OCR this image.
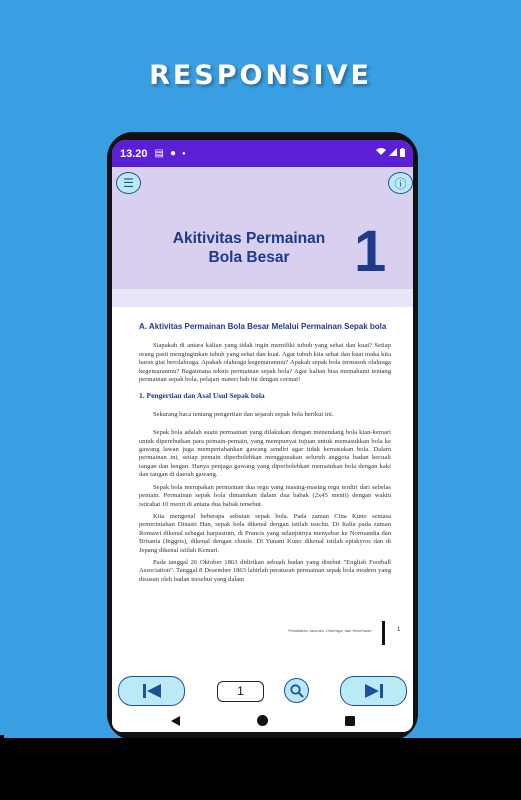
RESPONSIVE
13.20 ▤ ● ●
Akitivitas Permainan
Bola Besar	1
☰	ⓘ
A. Aktivitas Permainan Bola Besar Melalui Permainan Sepak bola

Siapakah di antara kalian yang tidak ingin memiliki tubuh yang sehat dan kuat? Setiap orang pasti menginginkan tubuh yang sehat dan kuat. Agar tubuh kita sehat dan kuat maka kita harus giat berolahraga. Apakah olahraga kegemaranmu? Apakah sepak bola termasuk olahraga kegemaranmu? Bagaimana teknis permainan sepak bola? Agar kalian bisa memahami tentang permainan sepak bola, pelajari materi bab ini dengan cermat!

1. Pengertian dan Asal Usul Sepak bola

Sekarang baca tentang pengertian dan sejarah sepak bola berikut ini.

Sepak bola adalah suatu permainan yang dilakukan dengan menendang bola kian-kemari untuk diperebutkan para pemain-pemain, yang mempunyai tujuan untuk memasukkan bola ke gawang lawan juga mempertahankan gawang sendiri agar tidak kemasukan bola. Dalam permainan ini, setiap pemain diperbolehkan menggunakan seluruh anggota badan kecuali tangan dan lengan. Hanya penjaga gawang yang diperbolehkan memainkan bola dengan kaki dan tangan di daerah gawang.

Sepak bola merupakan permainan dua regu yang masing-masing regu terdiri dari sebelas pemain. Permainan sepak bola dimainkan dalam dua babak (2x45 menit) dengan waktu istirahat 10 menit di antara dua babak tersebut.

Kita mengenal beberapa sebutan sepak bola. Pada zaman Cina Kuno semasa pemerintahan Dinasti Han, sepak bola dikenal dengan istilah tsuchu. Di Italia pada zaman Romawi dikenal sebagai harpastum, di Prancis yang selanjutnya menyebar ke Normandia dan Britania (Inggris), dikenal dengan choule. Di Yunani Kuno dikenal istilah episkyros dan di Jepang dikenal istilah Kemari.

Pada tanggal 26 Oktober 1863 didirikan sebuah badan yang disebut "English Football Association". Tanggal 8 Desember 1863 lahirlah peraturan permainan sepak bola modern yang disusun oleh badan tersebut yang dalam

Pendidikan Jasmani, Olahraga, dan Kesehatan	1
1
